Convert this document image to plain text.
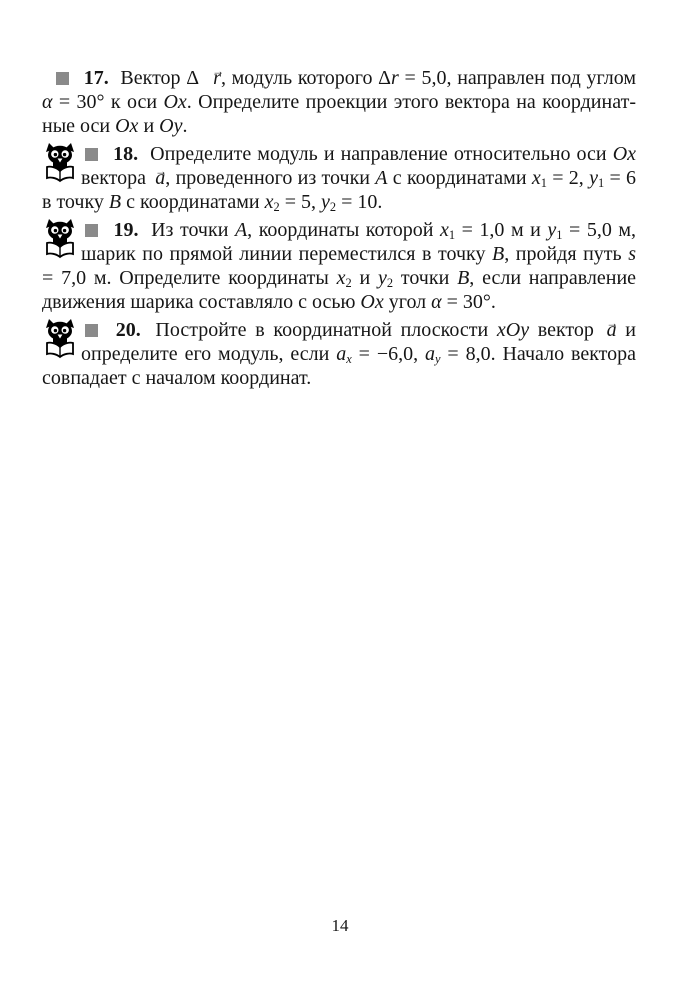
17. Вектор Δ r →, модуль которого Δr = 5,0, направлен под углом α = 30° к оси Ox. Определите проекции этого вектора на координатные оси Ox и Oy.

18. Определите модуль и направление относительно оси Ox вектора a →, проведенного из точки A с координатами $x_1 = 2$, $y_1 = 6$ в точку B с координатами $x_2 = 5$, $y_2 = 10$.

19. Из точки A, координаты которой $x_1 = 1,0$ м и $y_1 = 5,0$ м, шарик по прямой линии переместился в точку B, пройдя путь s = 7,0 м. Определите координаты $x_2$ и $y_2$ точки B, если направление движения шарика составляло с осью Ox угол α = 30°.

20. Постройте в координатной плоскости xOy вектор a → и определите его модуль, если $a_x = -6,0$, $a_y = 8,0$. Начало вектора совпадает с началом координат.

14
